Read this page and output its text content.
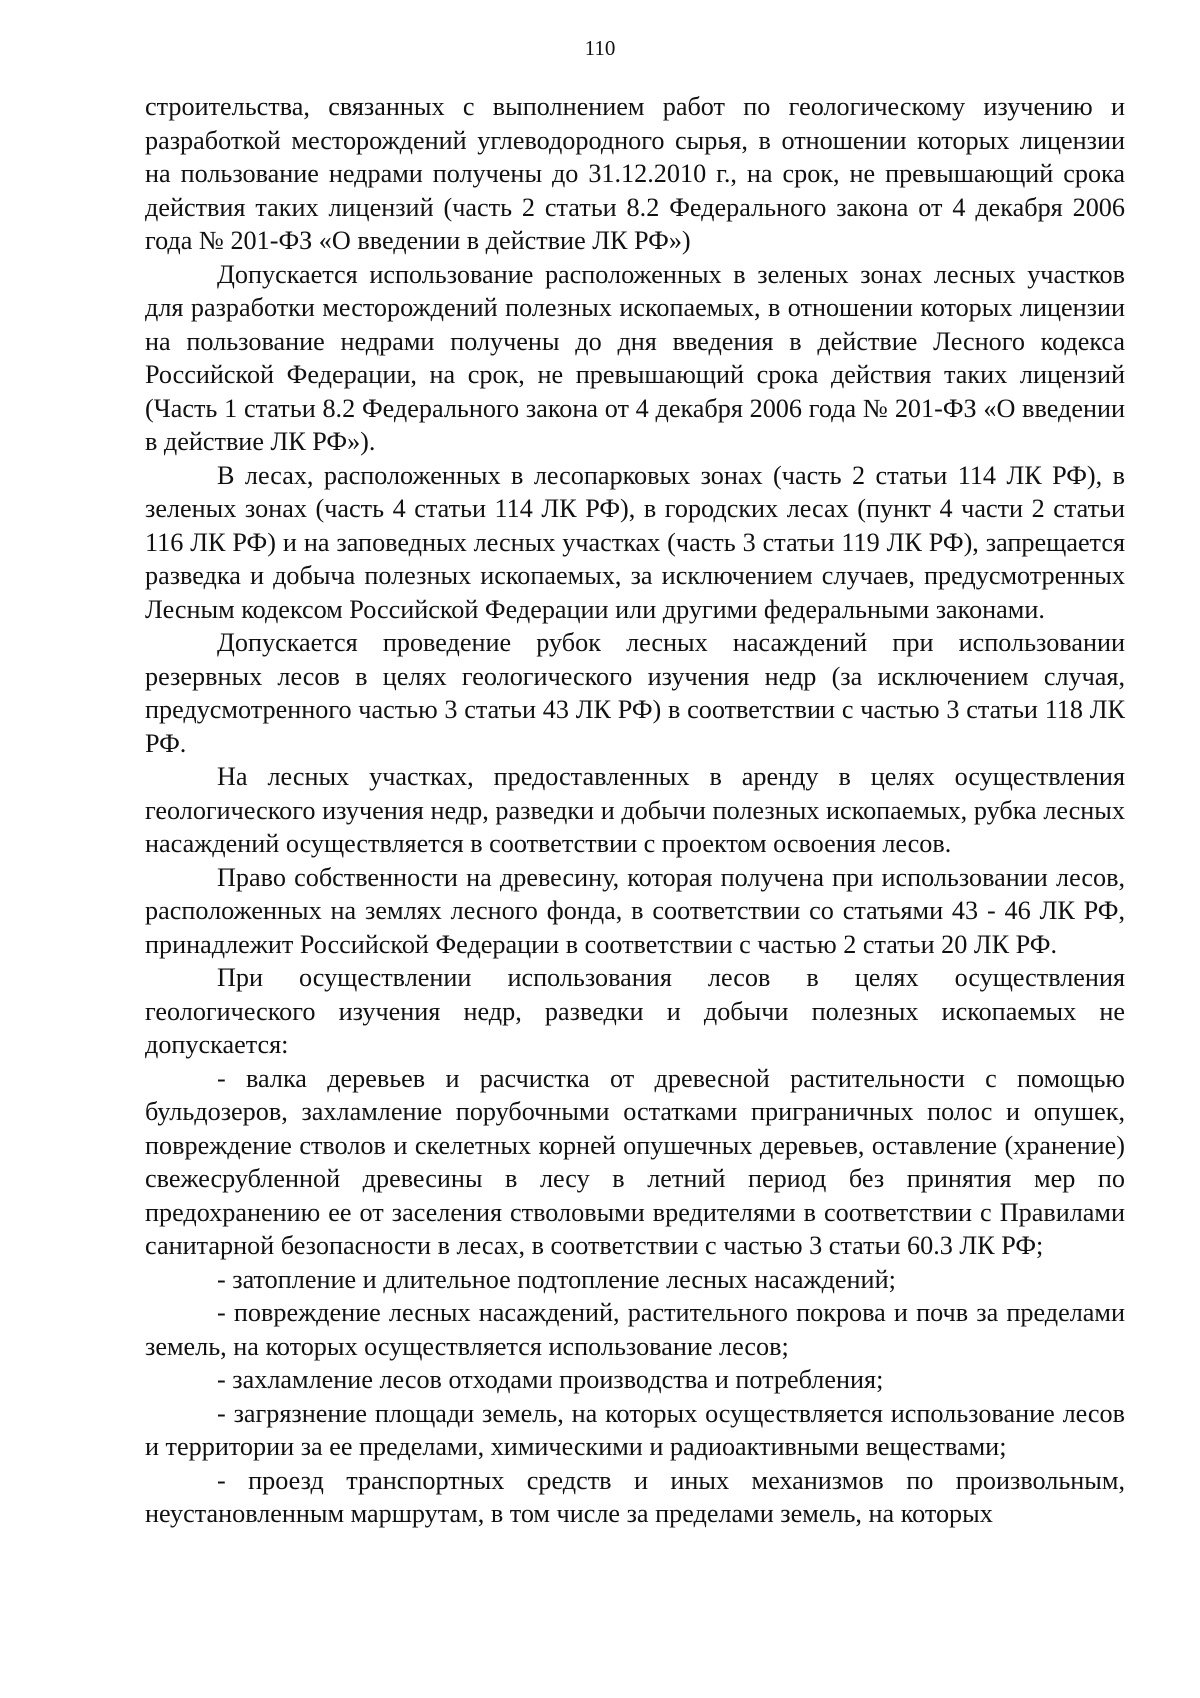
110

строительства, связанных с выполнением работ по геологическому изучению и разработкой месторождений углеводородного сырья, в отношении которых лицензии на пользование недрами получены до 31.12.2010 г., на срок, не превышающий срока действия таких лицензий (часть 2 статьи 8.2 Федерального закона от 4 декабря 2006 года № 201-ФЗ «О введении в действие ЛК РФ»)

Допускается использование расположенных в зеленых зонах лесных участков для разработки месторождений полезных ископаемых, в отношении которых лицензии на пользование недрами получены до дня введения в действие Лесного кодекса Российской Федерации, на срок, не превышающий срока действия таких лицензий (Часть 1 статьи 8.2 Федерального закона от 4 декабря 2006 года № 201-ФЗ «О введении в действие ЛК РФ»).

В лесах, расположенных в лесопарковых зонах (часть 2 статьи 114 ЛК РФ), в зеленых зонах (часть 4 статьи 114 ЛК РФ), в городских лесах (пункт 4 части 2 статьи 116 ЛК РФ) и на заповедных лесных участках (часть 3 статьи 119 ЛК РФ), запрещается разведка и добыча полезных ископаемых, за исключением случаев, предусмотренных Лесным кодексом Российской Федерации или другими федеральными законами.

Допускается проведение рубок лесных насаждений при использовании резервных лесов в целях геологического изучения недр (за исключением случая, предусмотренного частью 3 статьи 43 ЛК РФ) в соответствии с частью 3 статьи 118 ЛК РФ.

На лесных участках, предоставленных в аренду в целях осуществления геологического изучения недр, разведки и добычи полезных ископаемых, рубка лесных насаждений осуществляется в соответствии с проектом освоения лесов.

Право собственности на древесину, которая получена при использовании лесов, расположенных на землях лесного фонда, в соответствии со статьями 43 - 46 ЛК РФ, принадлежит Российской Федерации в соответствии с частью 2 статьи 20 ЛК РФ.

При осуществлении использования лесов в целях осуществления геологического изучения недр, разведки и добычи полезных ископаемых не допускается:

- валка деревьев и расчистка от древесной растительности с помощью бульдозеров, захламление порубочными остатками приграничных полос и опушек, повреждение стволов и скелетных корней опушечных деревьев, оставление (хранение) свежесрубленной древесины в лесу в летний период без принятия мер по предохранению ее от заселения стволовыми вредителями в соответствии с Правилами санитарной безопасности в лесах, в соответствии с частью 3 статьи 60.3 ЛК РФ;

- затопление и длительное подтопление лесных насаждений;

- повреждение лесных насаждений, растительного покрова и почв за пределами земель, на которых осуществляется использование лесов;

- захламление лесов отходами производства и потребления;

- загрязнение площади земель, на которых осуществляется использование лесов и территории за ее пределами, химическими и радиоактивными веществами;

- проезд транспортных средств и иных механизмов по произвольным, неустановленным маршрутам, в том числе за пределами земель, на которых
